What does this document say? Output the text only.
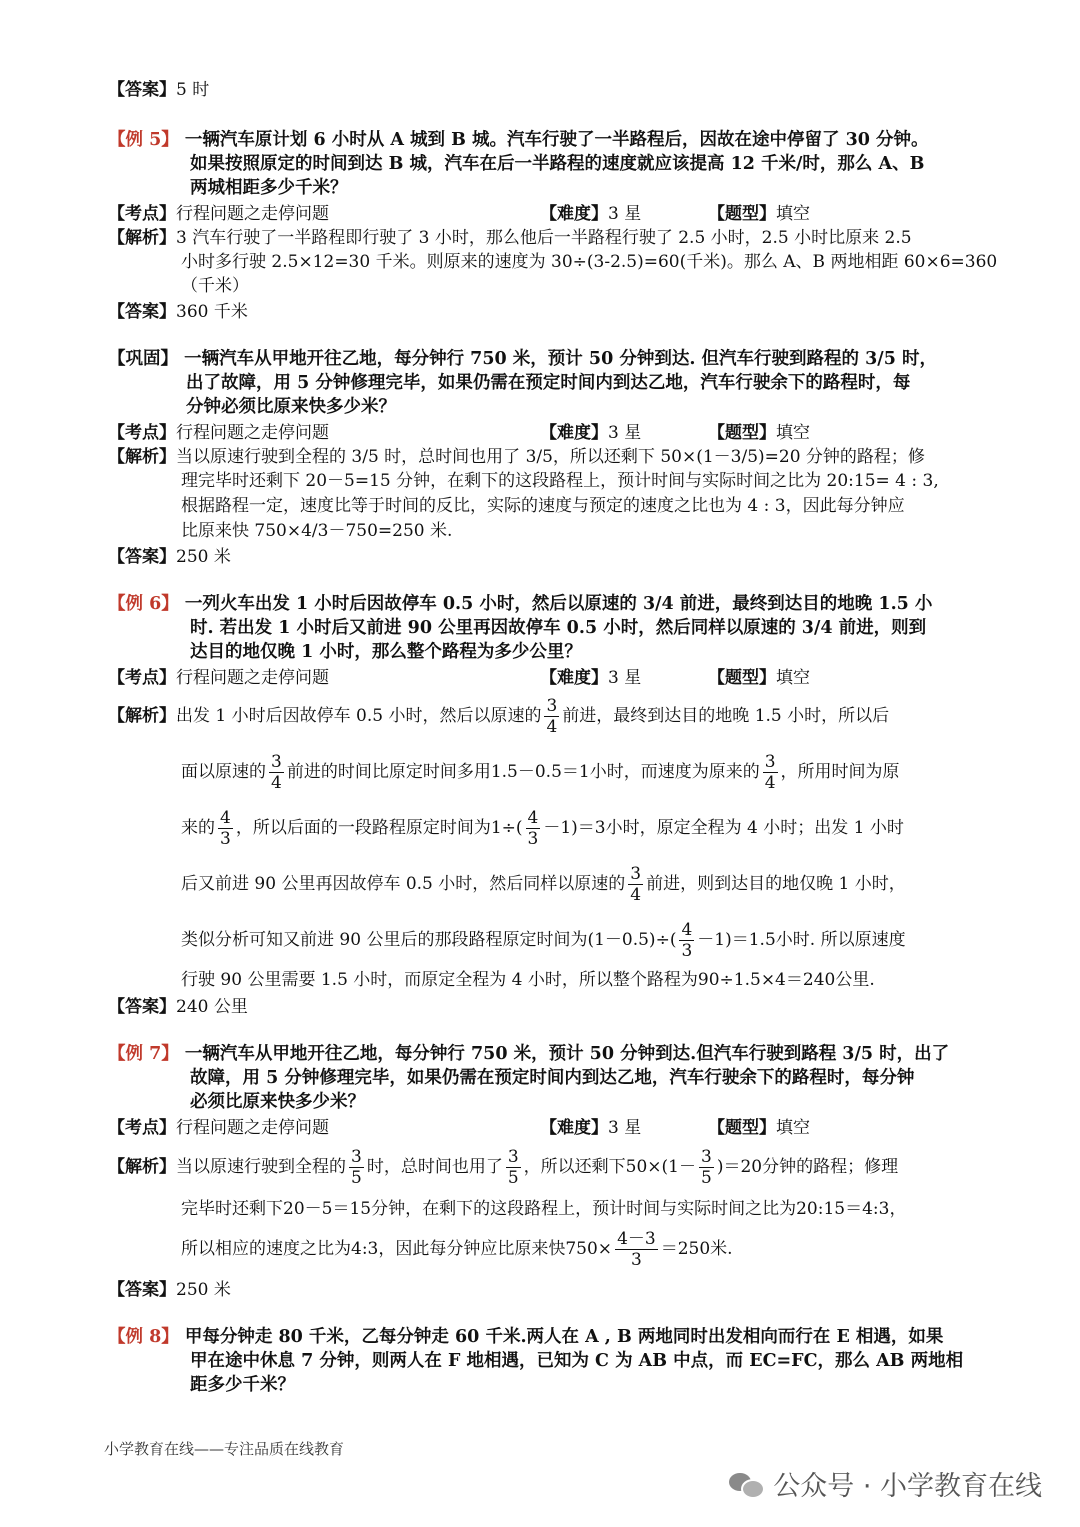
【答案】5 时
【例 5】 一辆汽车原计划 6 小时从 A 城到 B 城。汽车行驶了一半路程后，因故在途中停留了 30 分钟。
如果按照原定的时间到达 B 城，汽车在后一半路程的速度就应该提高 12 千米/时，那么 A、B
两城相距多少千米？
【考点】行程问题之走停问题	【难度】3 星	【题型】填空
【解析】3 汽车行驶了一半路程即行驶了 3 小时，那么他后一半路程行驶了 2.5 小时，2.5 小时比原来 2.5
小时多行驶 2.5×12=30 千米。则原来的速度为 30÷(3-2.5)=60(千米)。那么 A、B 两地相距 60×6=360
（千米）
【答案】360 千米
【巩固】 一辆汽车从甲地开往乙地，每分钟行 750 米，预计 50 分钟到达. 但汽车行驶到路程的 3/5 时，
出了故障，用 5 分钟修理完毕，如果仍需在预定时间内到达乙地，汽车行驶余下的路程时，每
分钟必须比原来快多少米？
【考点】行程问题之走停问题	【难度】3 星	【题型】填空
【解析】当以原速行驶到全程的 3/5 时，总时间也用了 3/5，所以还剩下 50×(1－3/5)=20 分钟的路程；修
理完毕时还剩下 20－5=15 分钟，在剩下的这段路程上，预计时间与实际时间之比为 20:15= 4 : 3,
根据路程一定，速度比等于时间的反比，实际的速度与预定的速度之比也为 4 : 3，因此每分钟应
比原来快 750×4/3－750=250 米.
【答案】250 米
【例 6】 一列火车出发 1 小时后因故停车 0.5 小时，然后以原速的 3/4 前进，最终到达目的地晚 1.5 小
时. 若出发 1 小时后又前进 90 公里再因故停车 0.5 小时，然后同样以原速的 3/4 前进，则到
达目的地仅晚 1 小时，那么整个路程为多少公里？
【考点】行程问题之走停问题	【难度】3 星	【题型】填空
【解析】出发 1 小时后因故停车 0.5 小时，然后以原速的 $\frac{3}{4}$ 前进，最终到达目的地晚 1.5 小时，所以后
面以原速的 $\frac{3}{4}$ 前进的时间比原定时间多用1.5－0.5＝1小时，而速度为原来的 $\frac{3}{4}$ ，所用时间为原
来的 $\frac{4}{3}$ ，所以后面的一段路程原定时间为$1\div( \frac{4}{3} -1)=3$小时，原定全程为 4 小时；出发 1 小时
后又前进 90 公里再因故停车 0.5 小时，然后同样以原速的 $\frac{3}{4}$ 前进，则到达目的地仅晚 1 小时，
类似分析可知又前进 90 公里后的那段路程原定时间为$(1-0.5)\div( \frac{4}{3} -1)=1.5$小时. 所以原速度
行驶 90 公里需要 1.5 小时，而原定全程为 4 小时，所以整个路程为90÷1.5×4＝240公里.
【答案】240 公里
【例 7】 一辆汽车从甲地开往乙地，每分钟行 750 米，预计 50 分钟到达.但汽车行驶到路程 3/5 时，出了
故障，用 5 分钟修理完毕，如果仍需在预定时间内到达乙地，汽车行驶余下的路程时，每分钟
必须比原来快多少米？
【考点】行程问题之走停问题	【难度】3 星	【题型】填空
【解析】当以原速行驶到全程的 $\frac{3}{5}$ 时，总时间也用了 $\frac{3}{5}$ ，所以还剩下$50\times(1- \frac{3}{5} )=20$分钟的路程；修理
完毕时还剩下20－5＝15分钟，在剩下的这段路程上，预计时间与实际时间之比为20:15＝4:3，
所以相应的速度之比为4:3，因此每分钟应比原来快$750\times \frac{4-3}{3} =250$米.
【答案】250 米
【例 8】 甲每分钟走 80 千米，乙每分钟走 60 千米.两人在 A , B 两地同时出发相向而行在 E 相遇，如果
甲在途中休息 7 分钟，则两人在 F 地相遇，已知为 C 为 AB 中点，而 EC=FC，那么 AB 两地相
距多少千米？
小学教育在线——专注品质在线教育
公众号 · 小学教育在线
